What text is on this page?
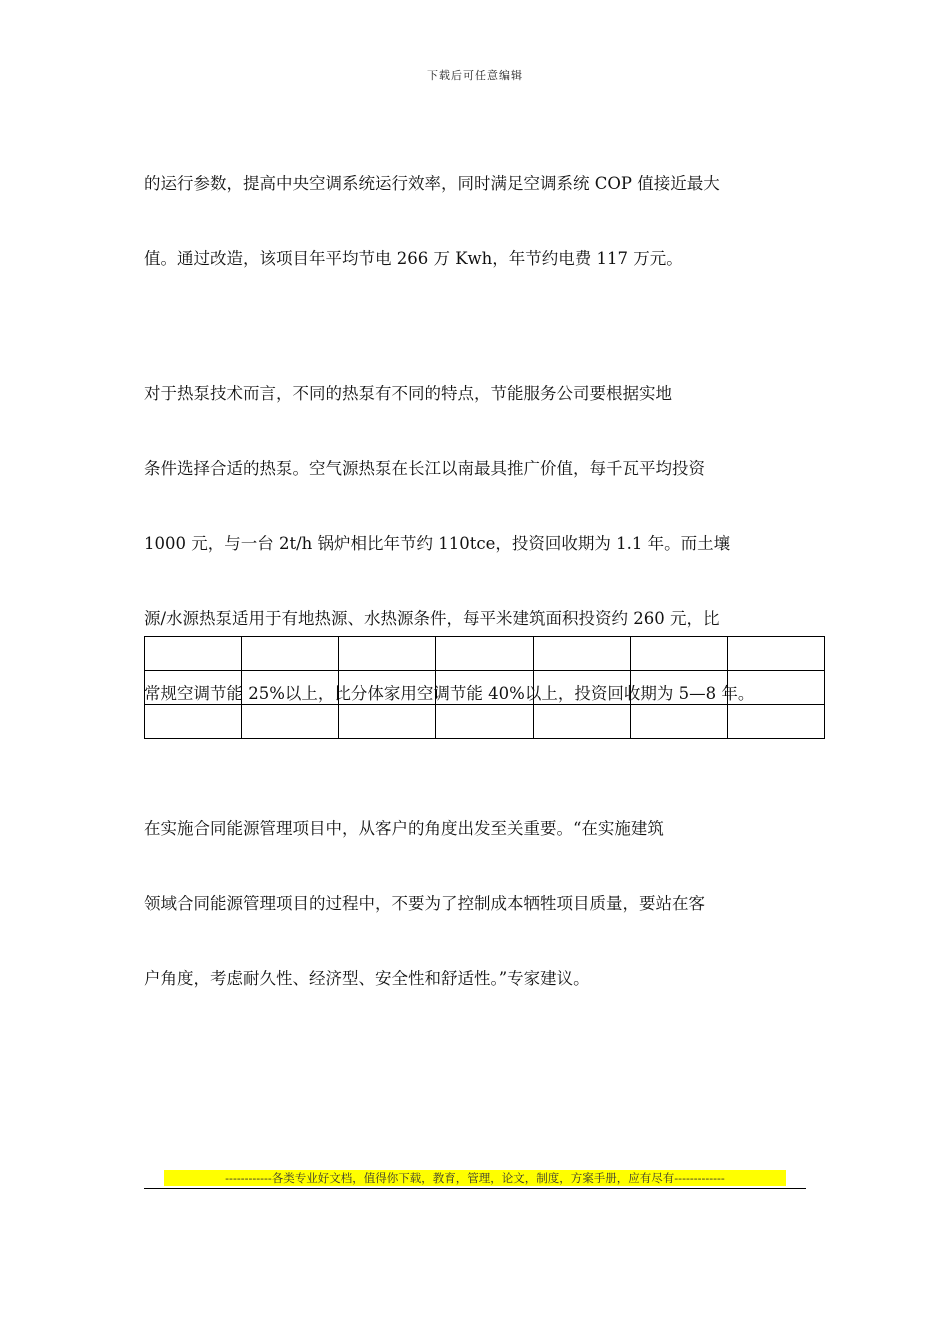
下载后可任意编辑

的运行参数，提高中央空调系统运行效率，同时满足空调系统 COP 值接近最大

值。通过改造，该项目年平均节电 266 万 Kwh，年节约电费 117 万元。

对于热泵技术而言，不同的热泵有不同的特点，节能服务公司要根据实地

条件选择合适的热泵。空气源热泵在长江以南最具推广价值，每千瓦平均投资

1000 元，与一台 2t/h 锅炉相比年节约 110tce，投资回收期为 1.1 年。而土壤

源/水源热泵适用于有地热源、水热源条件，每平米建筑面积投资约 260 元，比

常规空调节能 25%以上，比分体家用空调节能 40%以上，投资回收期为 5—8 年。

在实施合同能源管理项目中，从客户的角度出发至关重要。“在实施建筑

领域合同能源管理项目的过程中，不要为了控制成本牺牲项目质量，要站在客

户角度，考虑耐久性、经济型、安全性和舒适性。”专家建议。

------------各类专业好文档，值得你下载，教育，管理，论文，制度，方案手册，应有尽有-------------
